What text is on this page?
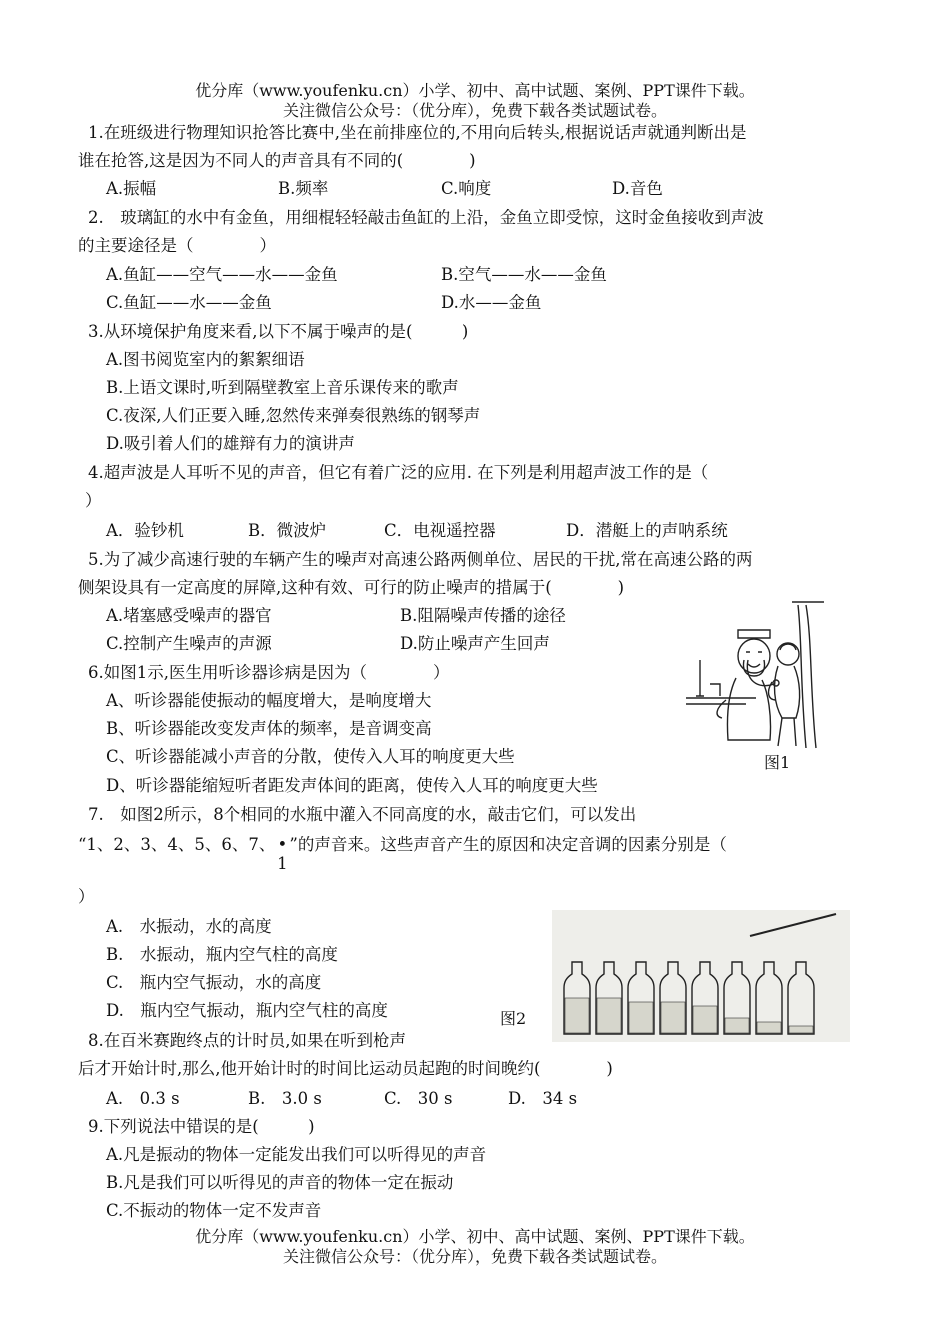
优分库（www.youfenku.cn）小学、初中、高中试题、案例、PPT课件下载。
关注微信公众号：（优分库），免费下载各类试题试卷。
1.在班级进行物理知识抢答比赛中,坐在前排座位的,不用向后转头,根据说话声就通判断出是
谁在抢答,这是因为不同人的声音具有不同的(　　　　)
A.振幅	B.频率	C.响度	D.音色
2.　玻璃缸的水中有金鱼，用细棍轻轻敲击鱼缸的上沿，金鱼立即受惊，这时金鱼接收到声波
的主要途径是（　　　　）
A.鱼缸——空气——水——金鱼	B.空气——水——金鱼
C.鱼缸——水——金鱼	D.水——金鱼
3.从环境保护角度来看,以下不属于噪声的是(　　　)
A.图书阅览室内的絮絮细语
B.上语文课时,听到隔壁教室上音乐课传来的歌声
C.夜深,人们正要入睡,忽然传来弹奏很熟练的钢琴声
D.吸引着人们的雄辩有力的演讲声
4.超声波是人耳听不见的声音，但它有着广泛的应用. 在下列是利用超声波工作的是（
）
A．验钞机	B．微波炉	C．电视遥控器	D．潜艇上的声呐系统
5.为了减少高速行驶的车辆产生的噪声对高速公路两侧单位、居民的干扰,常在高速公路的两
侧架设具有一定高度的屏障,这种有效、可行的防止噪声的措属于(　　　　)
A.堵塞感受噪声的器官	B.阻隔噪声传播的途径
C.控制产生噪声的声源	D.防止噪声产生回声
6.如图1示,医生用听诊器诊病是因为（　　　　）
A、听诊器能使振动的幅度增大，是响度增大
B、听诊器能改变发声体的频率，是音调变高
C、听诊器能减小声音的分散，使传入人耳的响度更大些
D、听诊器能缩短听者距发声体间的距离，使传入人耳的响度更大些
图1
7.　如图2所示，8个相同的水瓶中灌入不同高度的水，敲击它们，可以发出
“1、2、3、4、5、6、7、 •
1
”的声音来。这些声音产生的原因和决定音调的因素分别是（
）
A.　水振动，水的高度
B.　水振动，瓶内空气柱的高度
C.　瓶内空气振动，水的高度
D.　瓶内空气振动，瓶内空气柱的高度	图2
8.在百米赛跑终点的计时员,如果在听到枪声
后才开始计时,那么,他开始计时的时间比运动员起跑的时间晚约(　　　　)
A.　0.3 s	B.　3.0 s	C.　30 s	D.　34 s
9.下列说法中错误的是(　　　)
A.凡是振动的物体一定能发出我们可以听得见的声音
B.凡是我们可以听得见的声音的物体一定在振动
C.不振动的物体一定不发声音
优分库（www.youfenku.cn）小学、初中、高中试题、案例、PPT课件下载。
关注微信公众号：（优分库），免费下载各类试题试卷。
